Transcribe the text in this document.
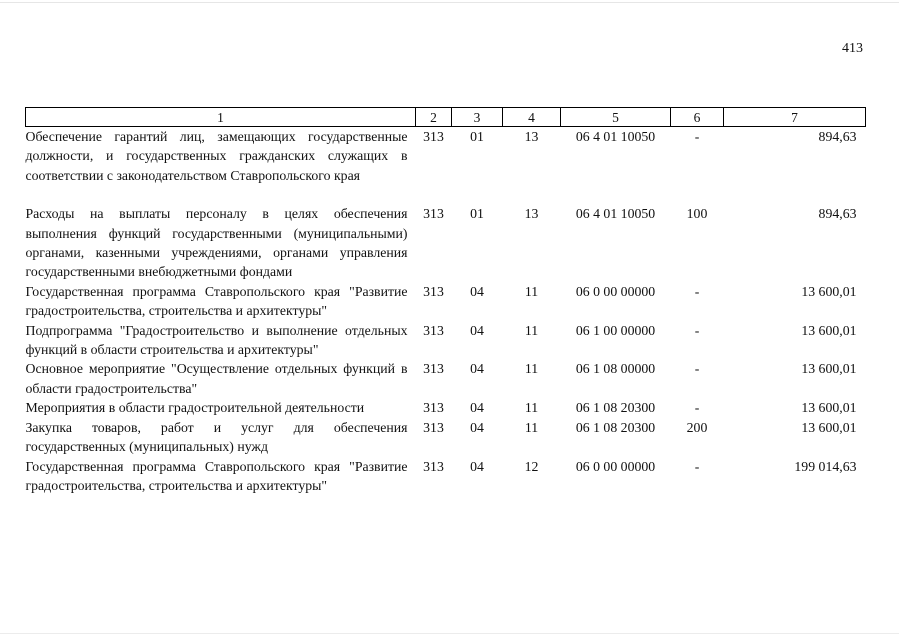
413
1	2	3	4	5	6	7
Обеспечение гарантий лиц, замещающих государственные должности, и государственных гражданских служащих в соответствии с законодательством Ставропольского края	313	01	13	06 4 01 10050	-	894,63

Расходы на выплаты персоналу в целях обеспечения выполнения функций государственными (муниципальными) органами, казенными учреждениями, органами управления государственными внебюджетными фондами	313	01	13	06 4 01 10050	100	894,63
Государственная программа Ставропольского края "Развитие градостроительства, строительства и архитектуры"	313	04	11	06 0 00 00000	-	13 600,01
Подпрограмма "Градостроительство и выполнение отдельных функций в области строительства и архитектуры"	313	04	11	06 1 00 00000	-	13 600,01
Основное мероприятие "Осуществление отдельных функций в области градостроительства"	313	04	11	06 1 08 00000	-	13 600,01
Мероприятия в области градостроительной деятельности	313	04	11	06 1 08 20300	-	13 600,01
Закупка товаров, работ и услуг для обеспечения государственных (муниципальных) нужд	313	04	11	06 1 08 20300	200	13 600,01
Государственная программа Ставропольского края "Развитие градостроительства, строительства и архитектуры"	313	04	12	06 0 00 00000	-	199 014,63
